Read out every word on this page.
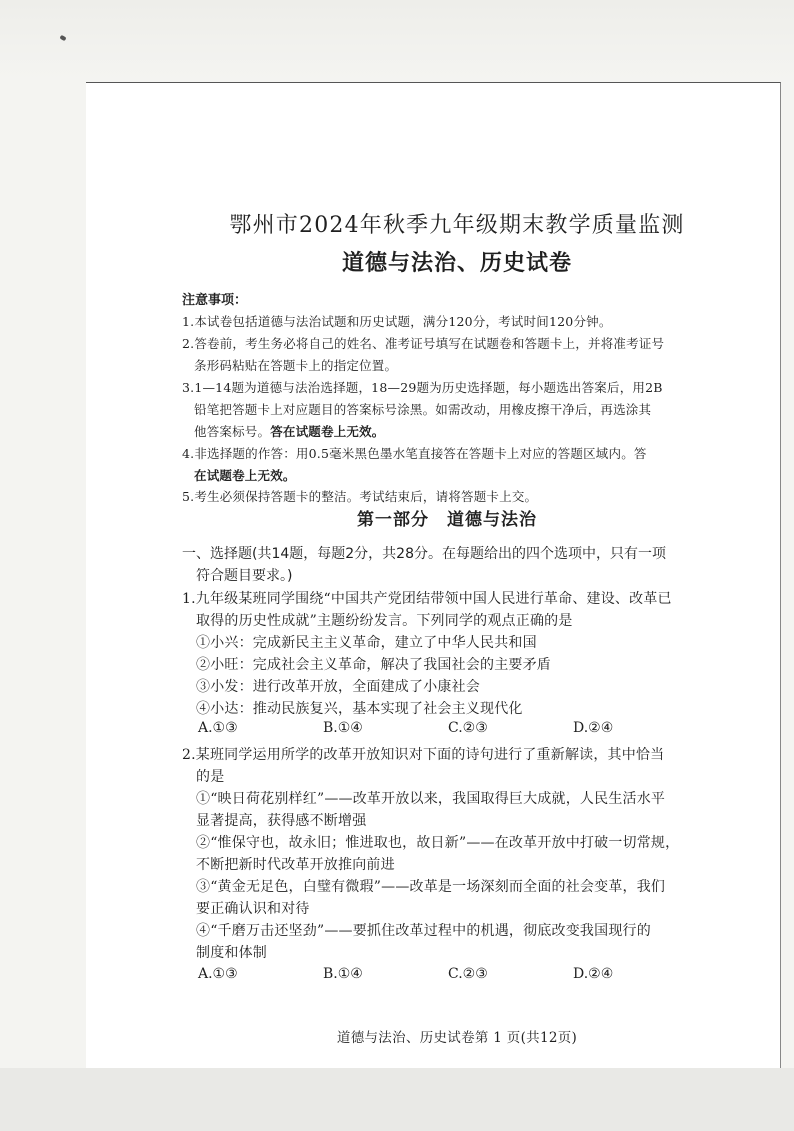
鄂州市2024年秋季九年级期末教学质量监测
道德与法治、历史试卷
注意事项：
1.本试卷包括道德与法治试题和历史试题，满分120分，考试时间120分钟。
2.答卷前，考生务必将自己的姓名、准考证号填写在试题卷和答题卡上，并将准考证号
条形码粘贴在答题卡上的指定位置。
3.1—14题为道德与法治选择题，18—29题为历史选择题，每小题选出答案后，用2B
铅笔把答题卡上对应题目的答案标号涂黑。如需改动，用橡皮擦干净后，再选涂其
他答案标号。答在试题卷上无效。
4.非选择题的作答：用0.5毫米黑色墨水笔直接答在答题卡上对应的答题区域内。答
在试题卷上无效。
5.考生必须保持答题卡的整洁。考试结束后，请将答题卡上交。
第一部分　道德与法治
一、选择题(共14题，每题2分，共28分。在每题给出的四个选项中，只有一项
符合题目要求。)
1.九年级某班同学围绕“中国共产党团结带领中国人民进行革命、建设、改革已
取得的历史性成就”主题纷纷发言。下列同学的观点正确的是
①小兴：完成新民主主义革命，建立了中华人民共和国
②小旺：完成社会主义革命，解决了我国社会的主要矛盾
③小发：进行改革开放，全面建成了小康社会
④小达：推动民族复兴，基本实现了社会主义现代化
A.①③	B.①④	C.②③	D.②④
2.某班同学运用所学的改革开放知识对下面的诗句进行了重新解读，其中恰当
的是
①“映日荷花别样红”——改革开放以来，我国取得巨大成就，人民生活水平
显著提高，获得感不断增强
②“惟保守也，故永旧；惟进取也，故日新”——在改革开放中打破一切常规，
不断把新时代改革开放推向前进
③“黄金无足色，白璧有微瑕”——改革是一场深刻而全面的社会变革，我们
要正确认识和对待
④“千磨万击还坚劲”——要抓住改革过程中的机遇，彻底改变我国现行的
制度和体制
A.①③	B.①④	C.②③	D.②④
道德与法治、历史试卷第 1 页(共12页)
